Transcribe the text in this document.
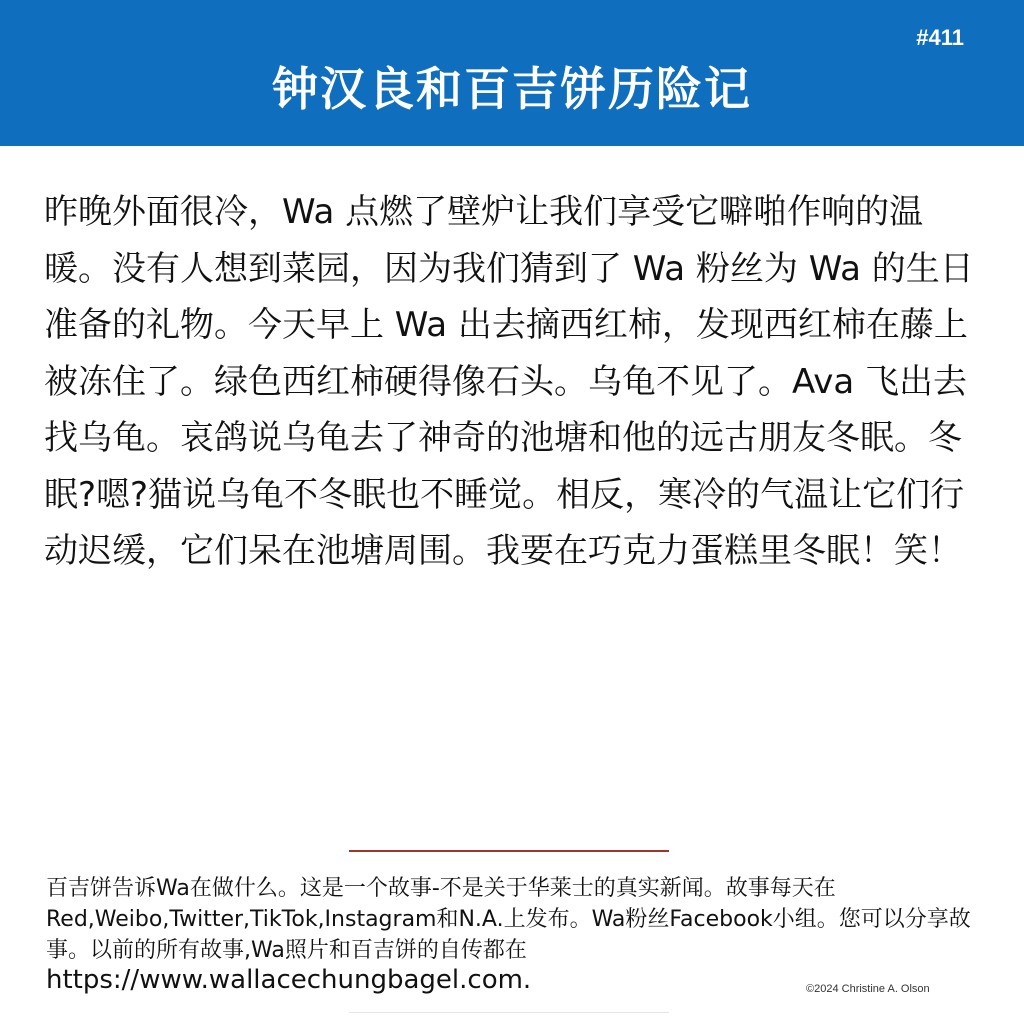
#411
钟汉良和百吉饼历险记

昨晚外面很冷，Wa 点燃了壁炉让我们享受它噼啪作响的温暖。没有人想到菜园，因为我们猜到了 Wa 粉丝为 Wa 的生日准备的礼物。今天早上 Wa 出去摘西红柿，发现西红柿在藤上被冻住了。绿色西红柿硬得像石头。乌龟不见了。Ava 飞出去找乌龟。哀鸽说乌龟去了神奇的池塘和他的远古朋友冬眠。冬眠?嗯?猫说乌龟不冬眠也不睡觉。相反，寒冷的气温让它们行动迟缓，它们呆在池塘周围。我要在巧克力蛋糕里冬眠！笑！

百吉饼告诉Wa在做什么。这是一个故事-不是关于华莱士的真实新闻。故事每天在Red,Weibo,Twitter,TikTok,Instagram和N.A.上发布。Wa粉丝Facebook小组。您可以分享故事。以前的所有故事,Wa照片和百吉饼的自传都在

https://www.wallacechungbagel.com.	©2024 Christine A. Olson
